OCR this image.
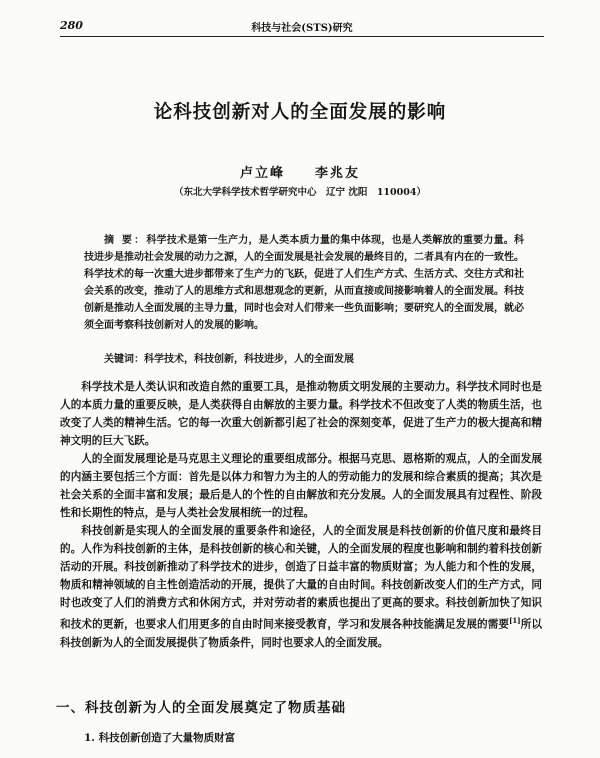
280	科技与社会(STS)研究
论科技创新对人的全面发展的影响
卢立峰　　李兆友
（东北大学科学技术哲学研究中心　辽宁 沈阳　110004）
摘 要：科学技术是第一生产力，是人类本质力量的集中体现，也是人类解放的重要力量。科技进步是推动社会发展的动力之源，人的全面发展是社会发展的最终目的，二者具有内在的一致性。科学技术的每一次重大进步都带来了生产力的飞跃，促进了人们生产方式、生活方式、交往方式和社会关系的改变，推动了人的思维方式和思想观念的更新，从而直接或间接影响着人的全面发展。科技创新是推动人全面发展的主导力量，同时也会对人们带来一些负面影响；要研究人的全面发展，就必须全面考察科技创新对人的发展的影响。
关键词：科学技术，科技创新，科技进步，人的全面发展

科学技术是人类认识和改造自然的重要工具，是推动物质文明发展的主要动力。科学技术同时也是人的本质力量的重要反映，是人类获得自由解放的主要力量。科学技术不但改变了人类的物质生活，也改变了人类的精神生活。它的每一次重大创新都引起了社会的深刻变革，促进了生产力的极大提高和精神文明的巨大飞跃。

人的全面发展理论是马克思主义理论的重要组成部分。根据马克思、恩格斯的观点，人的全面发展的内涵主要包括三个方面：首先是以体力和智力为主的人的劳动能力的发展和综合素质的提高；其次是社会关系的全面丰富和发展；最后是人的个性的自由解放和充分发展。人的全面发展具有过程性、阶段性和长期性的特点，是与人类社会发展相统一的过程。

科技创新是实现人的全面发展的重要条件和途径，人的全面发展是科技创新的价值尺度和最终目的。人作为科技创新的主体，是科技创新的核心和关键，人的全面发展的程度也影响和制约着科技创新活动的开展。科技创新推动了科学技术的进步，创造了日益丰富的物质财富；为人能力和个性的发展，物质和精神领域的自主性创造活动的开展，提供了大量的自由时间。科技创新改变人们的生产方式，同时也改变了人们的消费方式和休闲方式，并对劳动者的素质也提出了更高的要求。科技创新加快了知识和技术的更新，也要求人们用更多的自由时间来接受教育，学习和发展各种技能满足发展的需要[1]所以科技创新为人的全面发展提供了物质条件，同时也要求人的全面发展。

一、科技创新为人的全面发展奠定了物质基础
1. 科技创新创造了大量物质财富
